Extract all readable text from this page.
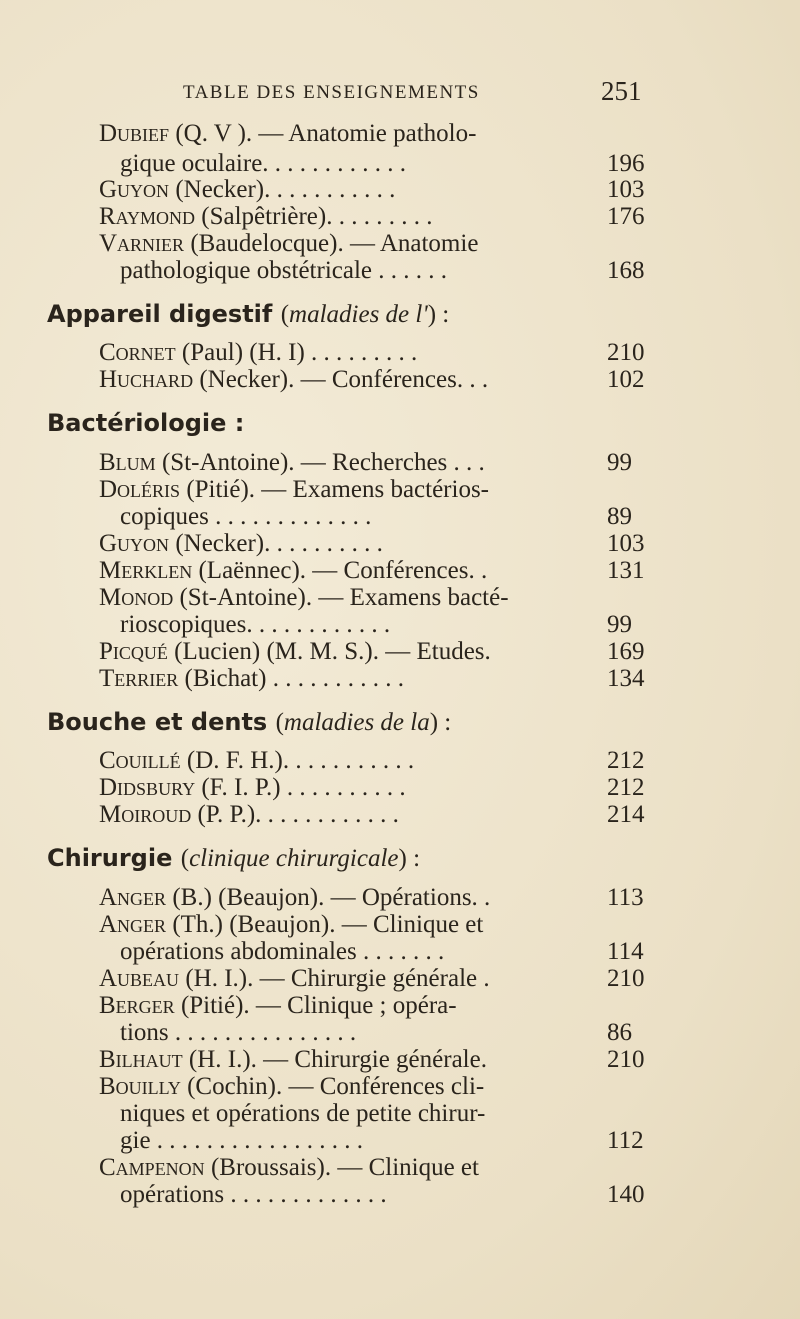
TABLE DES ENSEIGNEMENTS	251
Dubief (Q. V ). — Anatomie patholo-
gique oculaire. . . . . . . . . . . .	196
Guyon (Necker). . . . . . . . . . .	103
Raymond (Salpêtrière). . . . . . . . .	176
Varnier (Baudelocque). — Anatomie
pathologique obstétricale . . . . . .	168
Appareil digestif (maladies de l') :
Cornet (Paul) (H. I) . . . . . . . . .	210
Huchard (Necker). — Conférences. . .	102
Bactériologie :
Blum (St-Antoine). — Recherches . . .	99
Doléris (Pitié). — Examens bactérios-
copiques . . . . . . . . . . . . .	89
Guyon (Necker). . . . . . . . . .	103
Merklen (Laënnec). — Conférences. .	131
Monod (St-Antoine). — Examens bacté-
rioscopiques. . . . . . . . . . . .	99
Picqué (Lucien) (M. M. S.). — Etudes.	169
Terrier (Bichat) . . . . . . . . . . .	134
Bouche et dents (maladies de la) :
Couillé (D. F. H.). . . . . . . . . . .	212
Didsbury (F. I. P.) . . . . . . . . . .	212
Moiroud (P. P.). . . . . . . . . . . .	214
Chirurgie (clinique chirurgicale) :
Anger (B.) (Beaujon). — Opérations. .	113
Anger (Th.) (Beaujon). — Clinique et
opérations abdominales . . . . . . .	114
Aubeau (H. I.). — Chirurgie générale .	210
Berger (Pitié). — Clinique ; opéra-
tions . . . . . . . . . . . . . . .	86
Bilhaut (H. I.). — Chirurgie générale.	210
Bouilly (Cochin). — Conférences cli-
niques et opérations de petite chirur-
gie . . . . . . . . . . . . . . . . .	112
Campenon (Broussais). — Clinique et
opérations . . . . . . . . . . . . .	140
